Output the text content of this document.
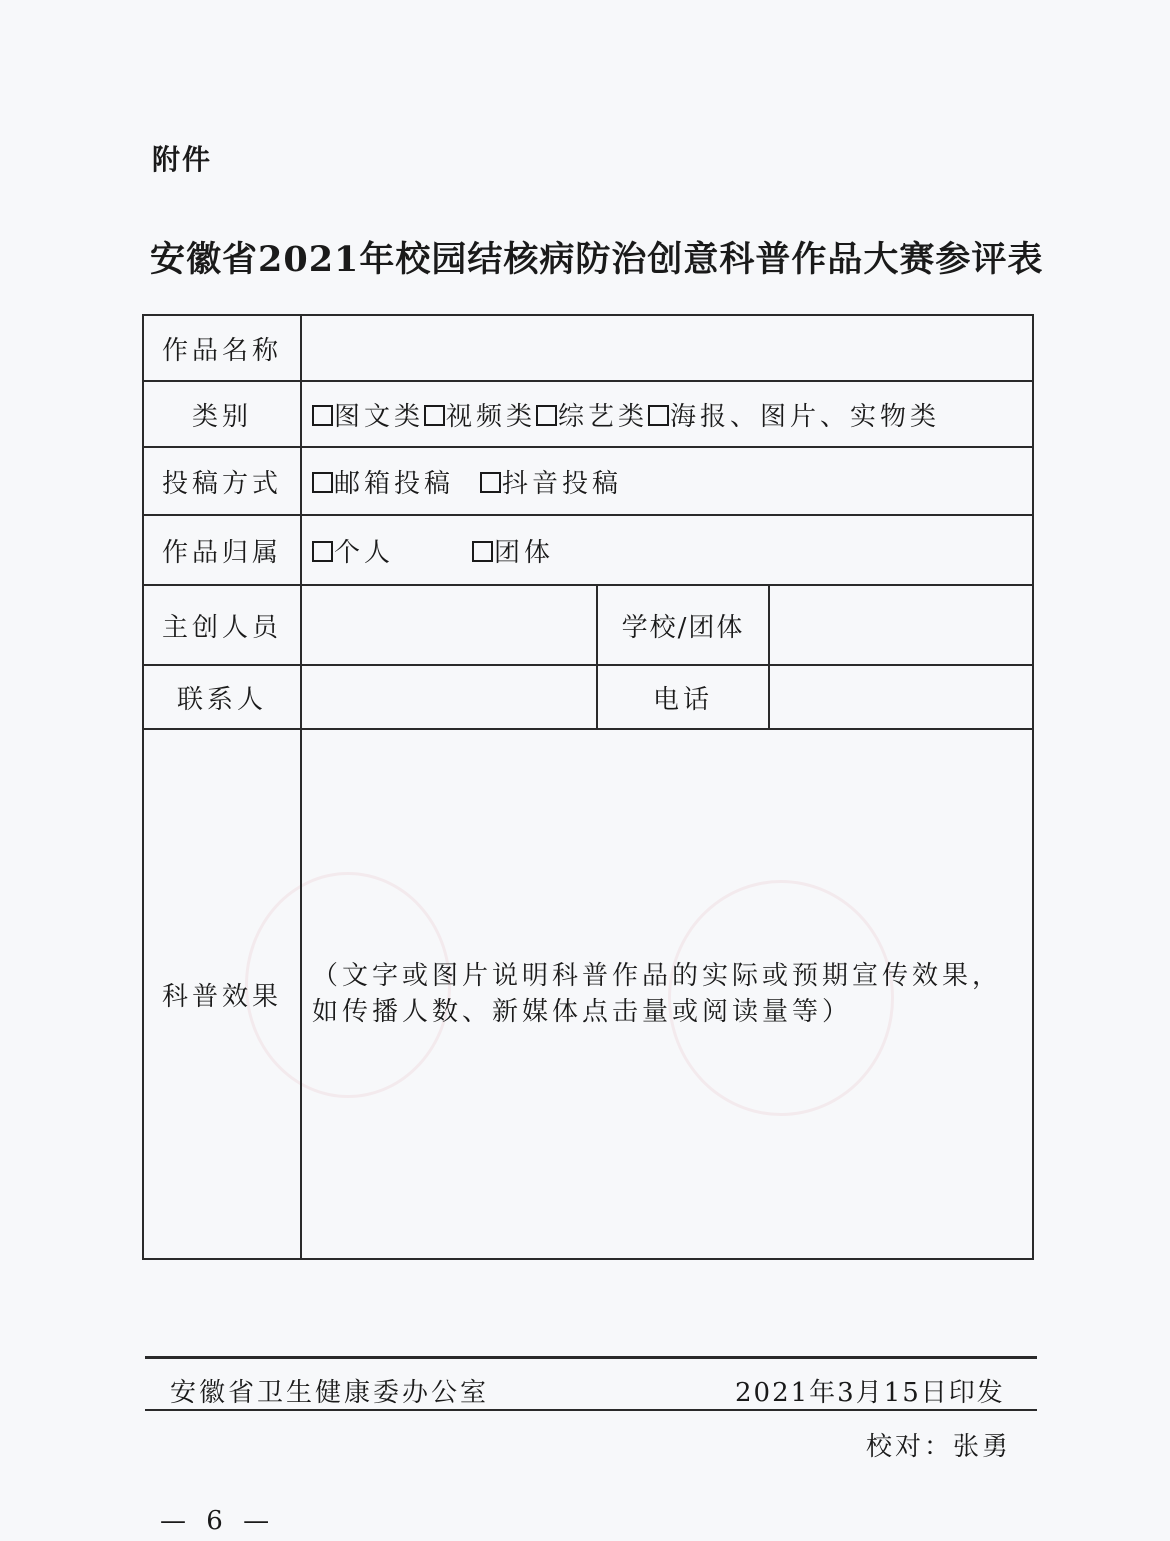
附件
安徽省2021年校园结核病防治创意科普作品大赛参评表
作品名称			
类别	图文类 视频类 综艺类 海报、图片、实物类		
投稿方式	邮箱投稿 抖音投稿		
作品归属	个人 团体		
主创人员		学校/团体	
联系人		电话	
科普效果	（文字或图片说明科普作品的实际或预期宣传效果，如传播人数、新媒体点击量或阅读量等）		
安徽省卫生健康委办公室	2021年3月15日印发
校对：张勇
— 6 —
